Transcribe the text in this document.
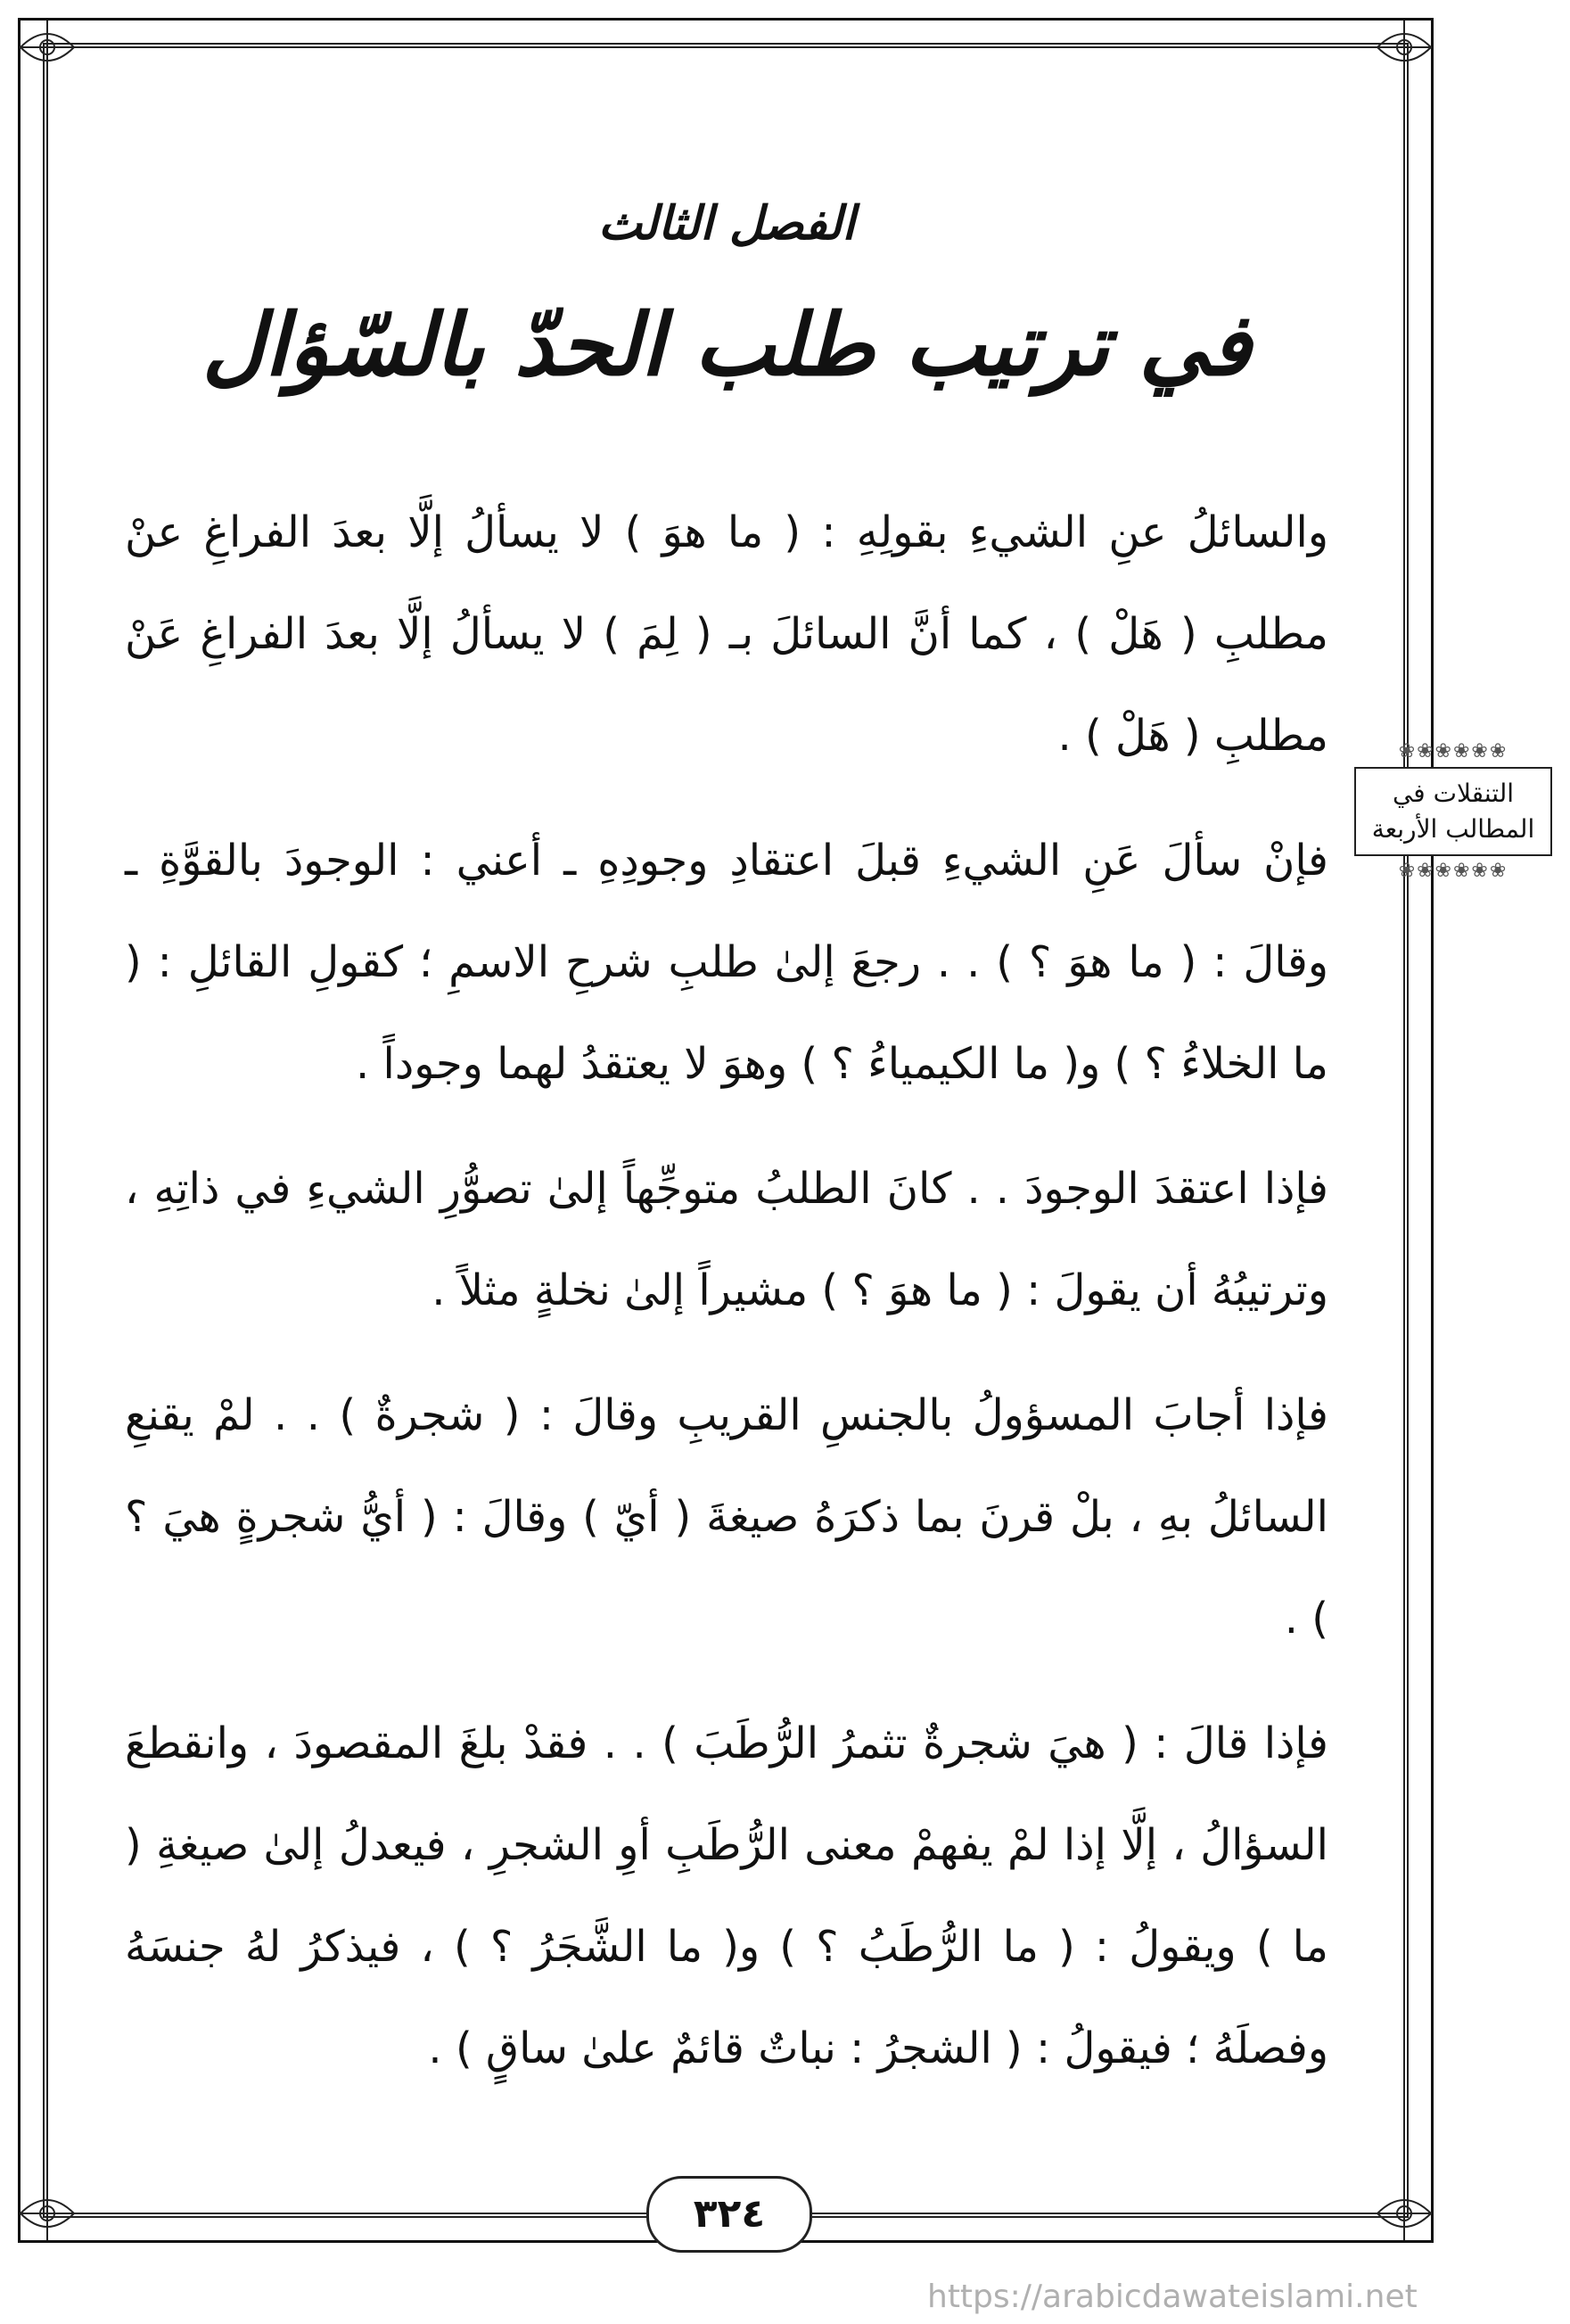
الفصل الثالث
في ترتيب طلب الحدّ بالسّؤال

والسائلُ عنِ الشيءِ بقولِهِ : ( ما هوَ ) لا يسألُ إلَّا بعدَ الفراغِ عنْ مطلبِ ( هَلْ ) ، كما أنَّ السائلَ بـ ( لِمَ ) لا يسألُ إلَّا بعدَ الفراغِ عَنْ مطلبِ ( هَلْ ) .

فإنْ سألَ عَنِ الشيءِ قبلَ اعتقادِ وجودِهِ ـ أعني : الوجودَ بالقوَّةِ ـ وقالَ : ( ما هوَ ؟ ) . . رجعَ إلىٰ طلبِ شرحِ الاسمِ ؛ كقولِ القائلِ : ( ما الخلاءُ ؟ ) و( ما الكيمياءُ ؟ ) وهوَ لا يعتقدُ لهما وجوداً .

فإذا اعتقدَ الوجودَ . . كانَ الطلبُ متوجِّهاً إلىٰ تصوُّرِ الشيءِ في ذاتِهِ ، وترتيبُهُ أن يقولَ : ( ما هوَ ؟ ) مشيراً إلىٰ نخلةٍ مثلاً .

فإذا أجابَ المسؤولُ بالجنسِ القريبِ وقالَ : ( شجرةٌ ) . . لمْ يقنعِ السائلُ بهِ ، بلْ قرنَ بما ذكرَهُ صيغةَ ( أيّ ) وقالَ : ( أيُّ شجرةٍ هيَ ؟ ) .

فإذا قالَ : ( هيَ شجرةٌ تثمرُ الرُّطَبَ ) . . فقدْ بلغَ المقصودَ ، وانقطعَ السؤالُ ، إلَّا إذا لمْ يفهمْ معنى الرُّطَبِ أوِ الشجرِ ، فيعدلُ إلىٰ صيغةِ ( ما ) ويقولُ : ( ما الرُّطَبُ ؟ ) و( ما الشَّجَرُ ؟ ) ، فيذكرُ لهُ جنسَهُ وفصلَهُ ؛ فيقولُ : ( الشجرُ : نباتٌ قائمٌ علىٰ ساقٍ ) .

❀❀❀❀❀❀
التنقلات في
المطالب الأربعة
❀❀❀❀❀❀
٣٢٤
https://arabicdawateislami.net
